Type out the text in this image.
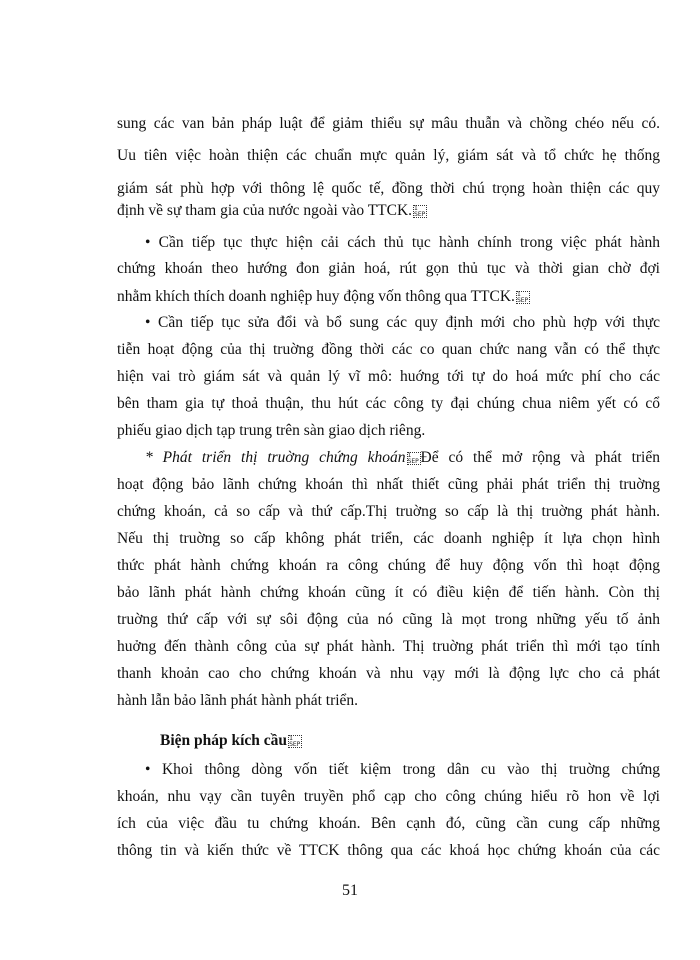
sung các van bản pháp luật để giảm thiểu sự mâu thuẫn và chồng chéo nếu có.
Uu tiên việc hoàn thiện các chuẩn mực quản lý, giám sát và tổ chức hẹ thống
giám sát phù hợp với thông lệ quốc tế, đồng thời chú trọng hoàn thiện các quy
định về sự tham gia của nước ngoài vào TTCK. 1
SEP
• Cần tiếp tục thực hiện cải cách thủ tục hành chính trong việc phát hành
chứng khoán theo hướng đon giản hoá, rút gọn thủ tục và thời gian chờ đợi
nhằm khích thích doanh nghiệp huy động vốn thông qua TTCK. 1
SEP
• Cần tiếp tục sửa đổi và bổ sung các quy định mới cho phù hợp với thực
tiễn hoạt động của thị truờng đồng thời các co quan chức nang vẫn có thể thực
hiện vai trò giám sát và quản lý vĩ mô: huớng tới tự do hoá mức phí cho các
bên tham gia tự thoả thuận, thu hút các công ty đại chúng chua niêm yết có cổ
phiếu giao dịch tạp trung trên sàn giao dịch riêng.
* Phát triển thị truờng chứng khoán 1
SEP Để có thể mở rộng và phát triển
hoạt động bảo lãnh chứng khoán thì nhất thiết cũng phải phát triển thị truờng
chứng khoán, cả so cấp và thứ cấp.Thị truờng so cấp là thị truờng phát hành.
Nếu thị truờng so cấp không phát triển, các doanh nghiệp ít lựa chọn hình
thức phát hành chứng khoán ra công chúng để huy động vốn thì hoạt động
bảo lãnh phát hành chứng khoán cũng ít có điều kiện để tiến hành. Còn thị
truờng thứ cấp với sự sôi động của nó cũng là mọt trong những yếu tố ảnh
huởng đến thành công của sự phát hành. Thị truờng phát triển thì mới tạo tính
thanh khoản cao cho chứng khoán và nhu vạy mới là động lực cho cả phát
hành lẫn bảo lãnh phát hành phát triển.
Biện pháp kích cầu 1
SEP
• Khoi thông dòng vốn tiết kiệm trong dân cu vào thị truờng chứng
khoán, nhu vạy cần tuyên truyền phổ cạp cho công chúng hiểu rõ hon về lợi
ích của việc đầu tu chứng khoán. Bên cạnh đó, cũng cần cung cấp những
thông tin và kiến thức về TTCK thông qua các khoá học chứng khoán của các
51
